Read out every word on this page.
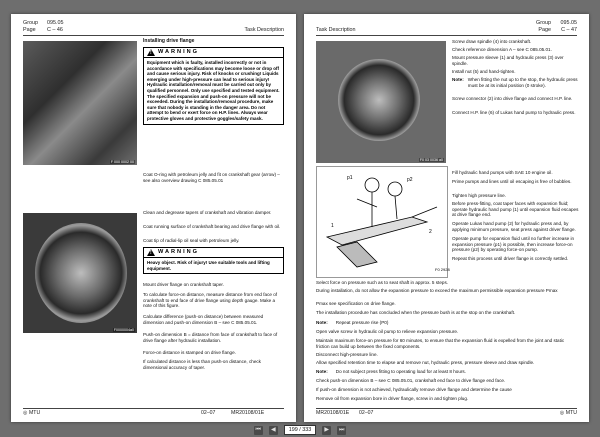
Group 095.05
Page C – 46	Task Description
F 000 0002 00
Installing drive flange
!
WARNING
Equipment which is faulty, installed incorrectly or not in accordance with specifications may become loose or drop off and cause serious injury. Risk of knocks or crushing! Liquids emerging under high-pressure can lead to serious injury! Hydraulic installation/removal must be carried out only by qualified personnel. Only use specified and tested equipment. The specified expansion and push-on pressure will not be exceeded. During the installation/removal procedure, make sure that nobody is standing in the danger area. Do not attempt to bend or exert force on H.P. lines. Always wear protective gloves and protective goggles/safety mask.
Coat O-ring with petroleum jelly and fit on crankshaft gear (arrow) – see also overview drawing C 085.05.01
F0000004a0
Clean and degrease tapers of crankshaft and vibration damper.
Coat running surface of crankshaft bearing and drive flange with oil.
Coat tip of radial-lip oil seal with petroleum jelly.
!
WARNING
Heavy object. Risk of injury! Use suitable tools and lifting equipment.
Mount driver flange on crankshaft taper.
To calculate force-on distance, measure distance from end face of crankshaft to end face of drive flange using depth gauge. Make a note of this figure.
Calculate difference (push-on distance) between measured dimension and push-on dimension B – see C 085.05.01.
Push-on dimension B = distance from face of crankshaft to face of drive flange after hydraulic installation.
Force-on distance is stamped on drive flange.
If calculated distance is less than push-on distance, check dimensional accuracy of taper.
◎ MTU	02–07	MR20108/01E
Group 095.05
Page C – 47
Task Description
F0 03 0036 a0
Screw draw spindle (4) into crankshaft.
Check reference dimension A – see C 085.05.01.
Mount pressure sleeve (1) and hydraulic press (3) over spindle.
Install nut (5) and hand-tighten.
Note: When fitting the nut up to the stop, the hydraulic press must be at its initial position (0 stroke).
Screw connector (2) into drive flange and connect H.P. line.
Connect H.P. line (6) of Lukas hand pump to hydraulic press.
p1	p2
1
2
F0 2928
Fill hydraulic hand pumps with SAE 10 engine oil.
Prime pumps and lines until oil escaping is free of bubbles.
Tighten high pressure line.
Before press-fitting, coat taper faces with expansion fluid; operate hydraulic hand pump (1) until expansion fluid escapes at drive flange end.
Operate Lukas hand pump (2) for hydraulic press and, by applying minimum pressure, seat press against driver flange.
Operate pump for expansion fluid until no further increase in expansion pressure (p1) is possible, then increase force-on pressure (p2) by operating force-on pump.
Repeat this process until driver flange is correctly settled.
Select force on pressure such as to seat shaft in approx. 5 steps.
During installation, do not allow the expansion pressure to exceed the maximum permissible expansion pressure Pmax
Pmax see specification on drive flange.
The installation procedure has concluded when the pressure bush is at the stop on the crankshaft.
Note: Repeat pressure rise (P0)
Open valve screw in hydraulic oil pump to relieve expansion pressure.
Maintain maximum force-on pressure for 60 minutes, to ensure that the expansion fluid is expelled from the joint and static friction can build up between the fixed components.
Disconnect high-pressure line.
Allow specified retention time to elapse and remove nut, hydraulic press, pressure sleeve and draw spindle.
Note: Do not subject press fitting to operating load for at least 8 hours.
Check push-on dimension B – see C 085.05.01, crankshaft end face to drive flange end face.
If push-on dimension is not achieved, hydraulically remove drive flange and determine the cause
Remove oil from expansion bore in driver flange, screw in and tighten plug.
MR20108/01E 02–07	◎ MTU
⏮	◀	199 / 333	▶	⏭
